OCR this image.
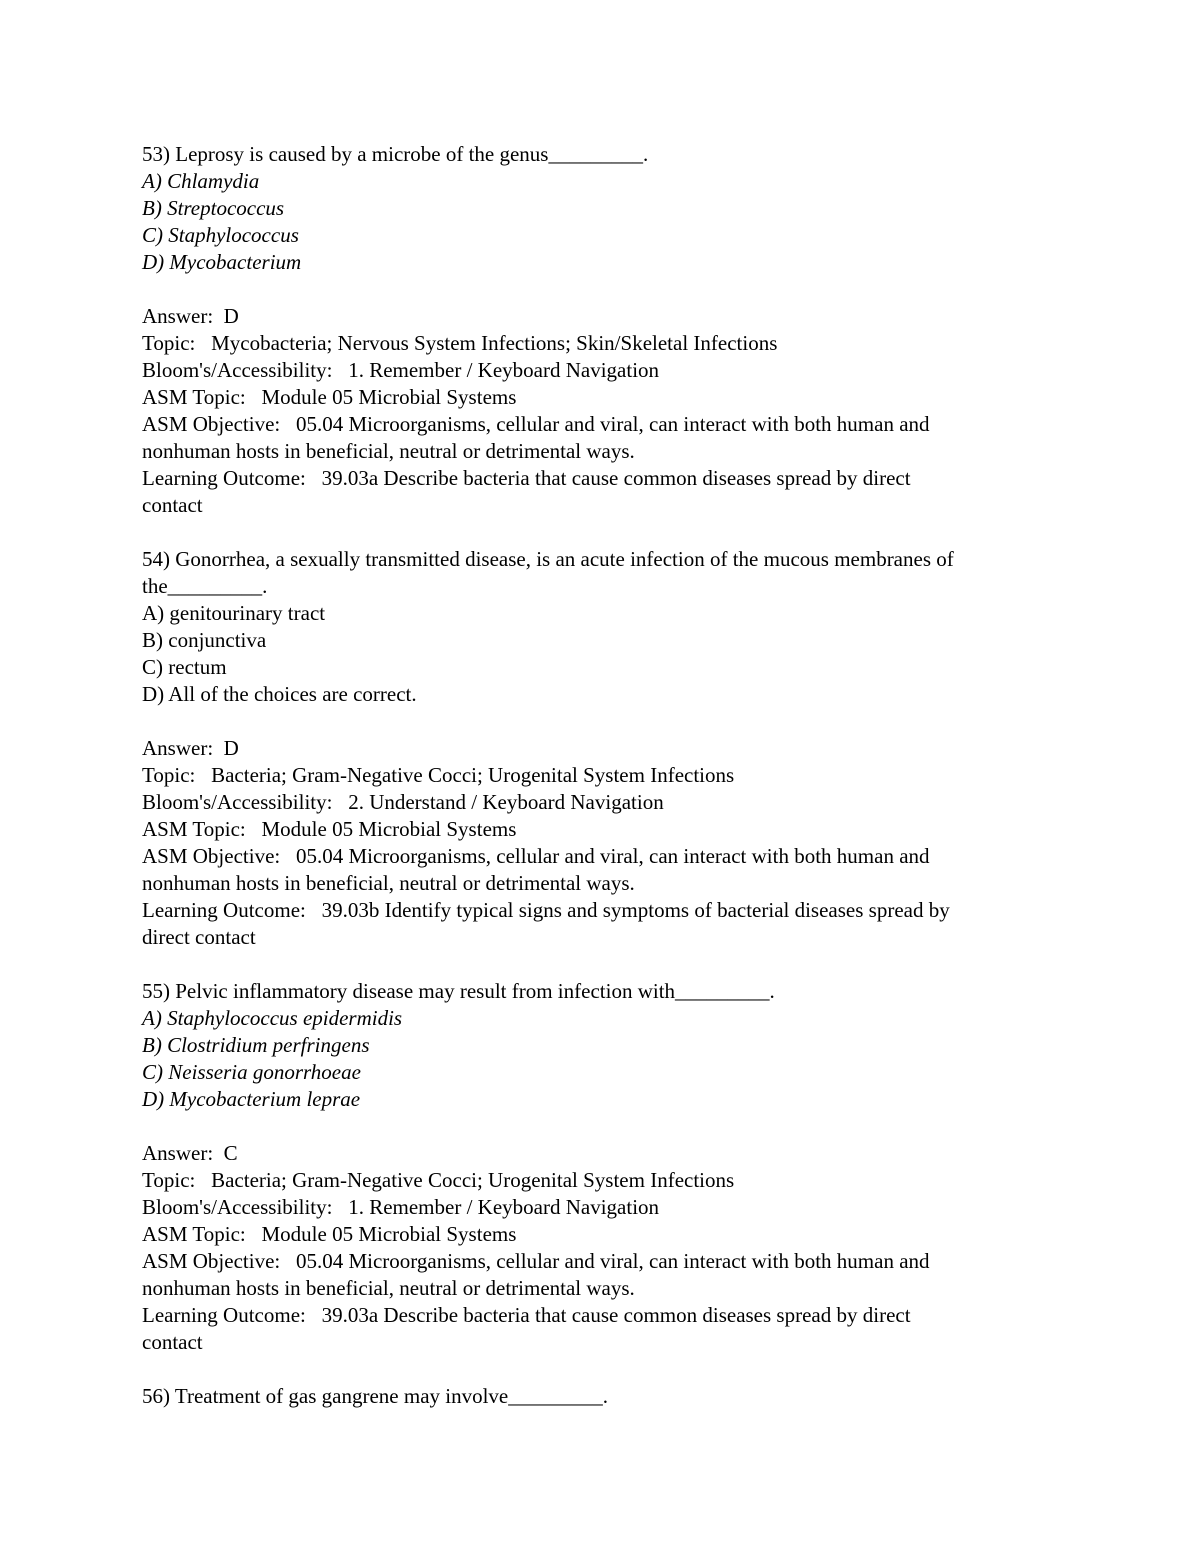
53) Leprosy is caused by a microbe of the genus_________.

A) Chlamydia

B) Streptococcus

C) Staphylococcus

D) Mycobacterium

Answer:  D

Topic:   Mycobacteria; Nervous System Infections; Skin/Skeletal Infections

Bloom's/Accessibility:   1. Remember / Keyboard Navigation

ASM Topic:   Module 05 Microbial Systems

ASM Objective:   05.04 Microorganisms, cellular and viral, can interact with both human and

nonhuman hosts in beneficial, neutral or detrimental ways.

Learning Outcome:   39.03a Describe bacteria that cause common diseases spread by direct

contact

54) Gonorrhea, a sexually transmitted disease, is an acute infection of the mucous membranes of

the_________.

A) genitourinary tract

B) conjunctiva

C) rectum

D) All of the choices are correct.

Answer:  D

Topic:   Bacteria; Gram-Negative Cocci; Urogenital System Infections

Bloom's/Accessibility:   2. Understand / Keyboard Navigation

ASM Topic:   Module 05 Microbial Systems

ASM Objective:   05.04 Microorganisms, cellular and viral, can interact with both human and

nonhuman hosts in beneficial, neutral or detrimental ways.

Learning Outcome:   39.03b Identify typical signs and symptoms of bacterial diseases spread by

direct contact

55) Pelvic inflammatory disease may result from infection with_________.

A) Staphylococcus epidermidis

B) Clostridium perfringens

C) Neisseria gonorrhoeae

D) Mycobacterium leprae

Answer:  C

Topic:   Bacteria; Gram-Negative Cocci; Urogenital System Infections

Bloom's/Accessibility:   1. Remember / Keyboard Navigation

ASM Topic:   Module 05 Microbial Systems

ASM Objective:   05.04 Microorganisms, cellular and viral, can interact with both human and

nonhuman hosts in beneficial, neutral or detrimental ways.

Learning Outcome:   39.03a Describe bacteria that cause common diseases spread by direct

contact

56) Treatment of gas gangrene may involve_________.
